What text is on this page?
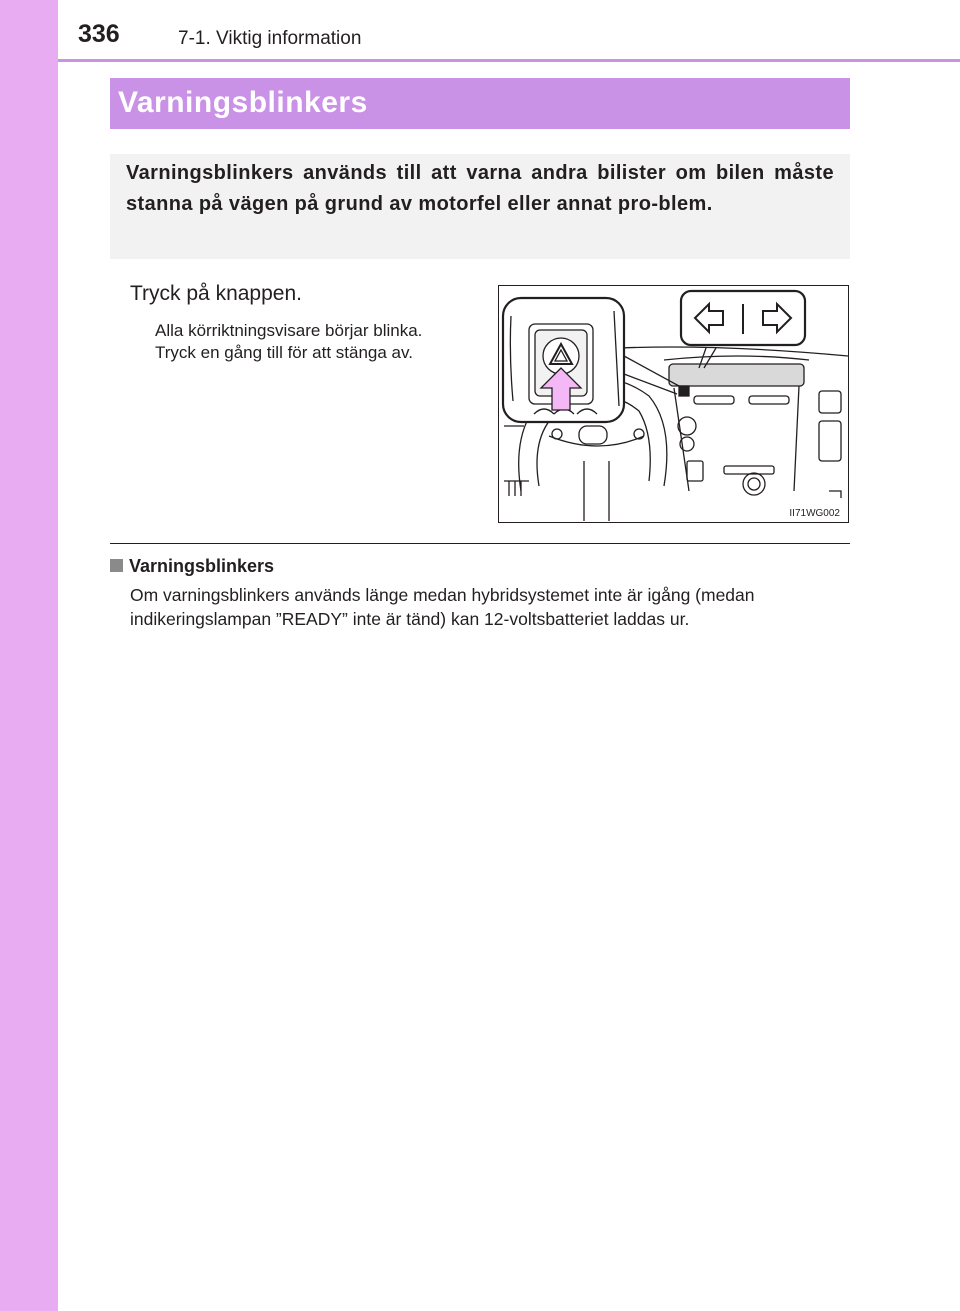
336	7-1. Viktig information
Varningsblinkers

Varningsblinkers används till att varna andra bilister om bilen måste stanna på vägen på grund av motorfel eller annat pro-blem.

Tryck på knappen.
Alla körriktningsvisare börjar blinka.
Tryck en gång till för att stänga av.
II71WG002
Varningsblinkers
Om varningsblinkers används länge medan hybridsystemet inte är igång (medan indikeringslampan ”READY” inte är tänd) kan 12-voltsbatteriet laddas ur.
